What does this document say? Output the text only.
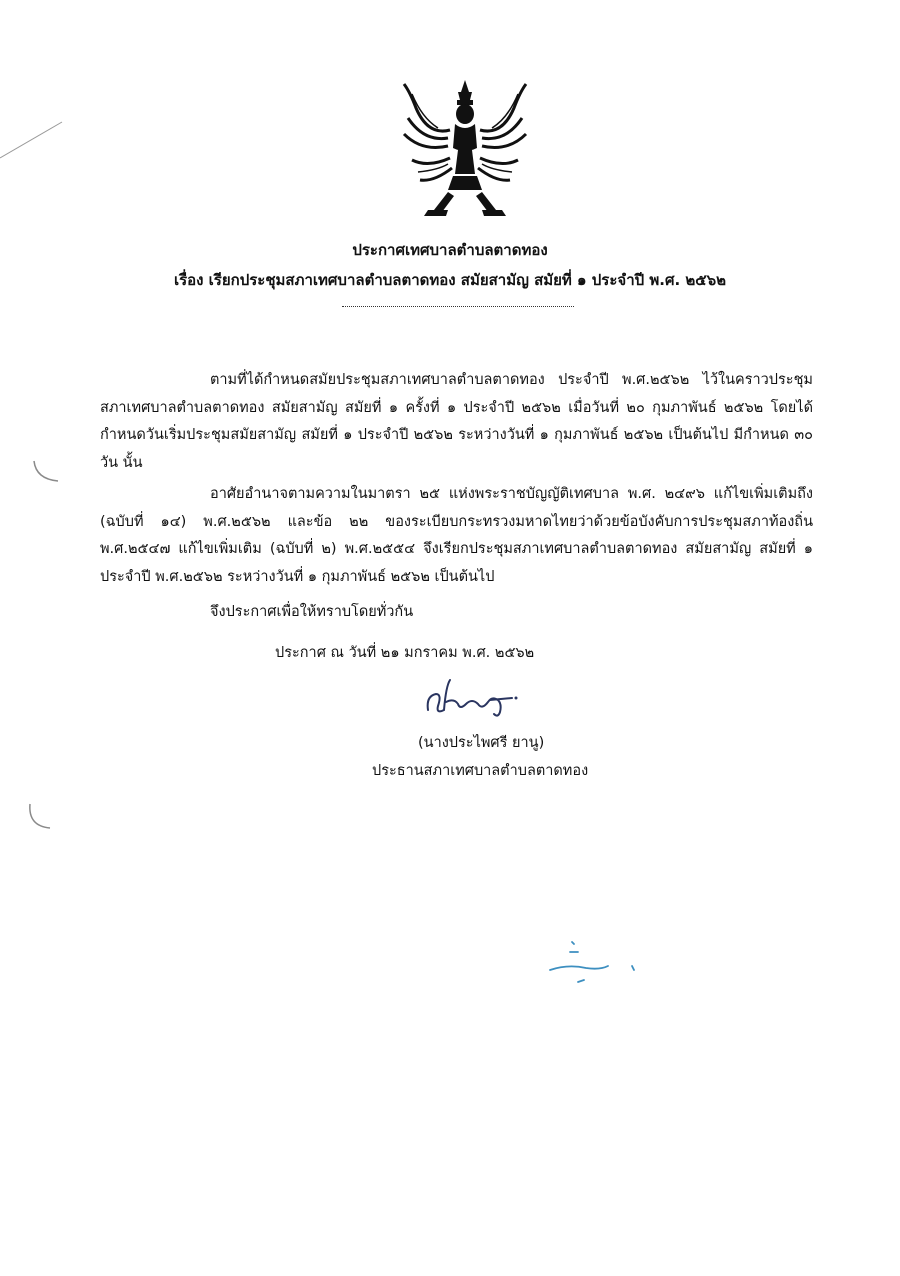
ประกาศเทศบาลตำบลตาดทอง
เรื่อง เรียกประชุมสภาเทศบาลตำบลตาดทอง สมัยสามัญ สมัยที่ ๑ ประจำปี พ.ศ. ๒๕๖๒
ตามที่ได้กำหนดสมัยประชุมสภาเทศบาลตำบลตาดทอง ประจำปี พ.ศ.๒๕๖๒ ไว้ในคราวประชุมสภาเทศบาลตำบลตาดทอง สมัยสามัญ สมัยที่ ๑ ครั้งที่ ๑ ประจำปี ๒๕๖๒ เมื่อวันที่ ๒๐ กุมภาพันธ์ ๒๕๖๒ โดยได้กำหนดวันเริ่มประชุมสมัยสามัญ สมัยที่ ๑ ประจำปี ๒๕๖๒ ระหว่างวันที่ ๑ กุมภาพันธ์ ๒๕๖๒ เป็นต้นไป มีกำหนด ๓๐ วัน นั้น
อาศัยอำนาจตามความในมาตรา ๒๕ แห่งพระราชบัญญัติเทศบาล พ.ศ. ๒๔๙๖ แก้ไขเพิ่มเติมถึง (ฉบับที่ ๑๔) พ.ศ.๒๕๖๒ และข้อ ๒๒ ของระเบียบกระทรวงมหาดไทยว่าด้วยข้อบังคับการประชุมสภาท้องถิ่น พ.ศ.๒๕๔๗ แก้ไขเพิ่มเติม (ฉบับที่ ๒) พ.ศ.๒๕๕๔ จึงเรียกประชุมสภาเทศบาลตำบลตาดทอง สมัยสามัญ สมัยที่ ๑ ประจำปี พ.ศ.๒๕๖๒ ระหว่างวันที่ ๑ กุมภาพันธ์ ๒๕๖๒ เป็นต้นไป
จึงประกาศเพื่อให้ทราบโดยทั่วกัน
ประกาศ ณ วันที่ ๒๑ มกราคม พ.ศ. ๒๕๖๒
(นางประไพศรี ยานู)
ประธานสภาเทศบาลตำบลตาดทอง
